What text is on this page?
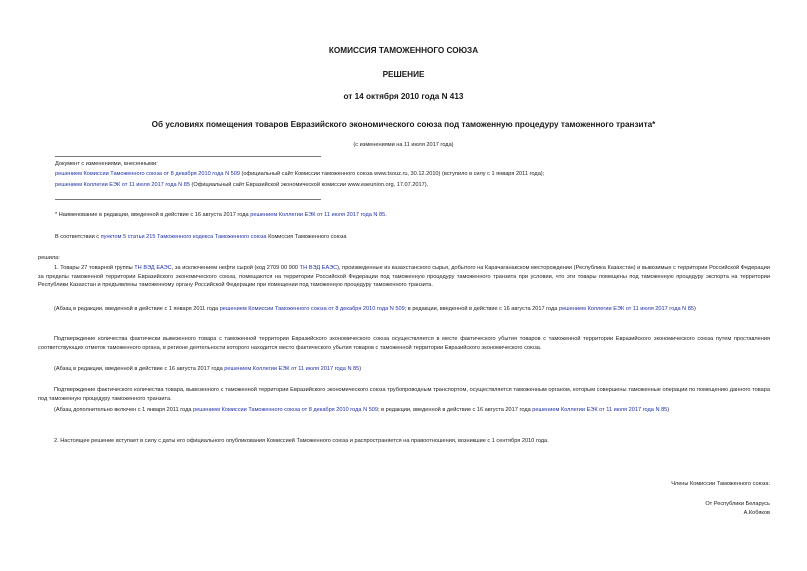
КОМИССИЯ ТАМОЖЕННОГО СОЮЗА
РЕШЕНИЕ
от 14 октября 2010 года N 413
Об условиях помещения товаров Евразийского экономического союза под таможенную процедуру таможенного транзита*
(с изменениями на 11 июля 2017 года)
Документ с изменениями, внесенными:
решением Комиссии Таможенного союза от 8 декабря 2010 года N 509 (официальный сайт Комиссии таможенного союза www.tsouz.ru, 30.12.2010) (вступило в силу с 1 января 2011 года);
решением Коллегии ЕЭК от 11 июля 2017 года N 85 (Официальный сайт Евразийской экономической комиссии www.eaeunion.org, 17.07.2017).
* Наименование в редакции, введенной в действие с 16 августа 2017 года решением Коллегии ЕЭК от 11 июля 2017 года N 85.
В соответствии с пунктом 5 статьи 215 Таможенного кодекса Таможенного союза Комиссия Таможенного союза
решила:
1. Товары 27 товарной группы ТН ВЭД ЕАЭС, за исключением нефти сырой (код 2709 00 900 ТН ВЭД ЕАЭС), произведенные из казахстанского сырья, добытого на Карачаганакском месторождении (Республика Казахстан) и вывозимые с территории Российской Федерации за пределы таможенной территории Евразийского экономического союза, помещаются на территории Российской Федерации под таможенную процедуру таможенного транзита при условии, что эти товары помещены под таможенную процедуру экспорта на территории Республики Казахстан и предъявлены таможенному органу Российской Федерации при помещении под таможенную процедуру таможенного транзита.
(Абзац в редакции, введенной в действие с 1 января 2011 года решением Комиссии Таможенного союза от 8 декабря 2010 года N 509; в редакции, введенной в действие с 16 августа 2017 года решением Коллегии ЕЭК от 11 июля 2017 года N 85)
Подтверждение количества фактически вывезенного товара с таможенной территории Евразийского экономического союза осуществляется в месте фактического убытия товаров с таможенной территории Евразийского экономического союза путем проставления соответствующих отметок таможенного органа, в регионе деятельности которого находится место фактического убытия товаров с таможенной территории Евразийского экономического союза.
(Абзац в редакции, введенной в действие с 16 августа 2017 года решением Коллегии ЕЭК от 11 июля 2017 года N 85)
Подтверждение фактического количества товара, вывезенного с таможенной территории Евразийского экономического союза трубопроводным транспортом, осуществляется таможенным органом, которым совершены таможенные операции по помещению данного товара под таможенную процедуру таможенного транзита.
(Абзац дополнительно включен с 1 января 2011 года решением Комиссии Таможенного союза от 8 декабря 2010 года N 509; в редакции, введенной в действие с 16 августа 2017 года решением Коллегии ЕЭК от 11 июля 2017 года N 85)
2. Настоящее решение вступает в силу с даты его официального опубликования Комиссией Таможенного союза и распространяется на правоотношения, возникшие с 1 сентября 2010 года.
Члены Комиссии Таможенного союза:
От Республики Беларусь
А.Кобяков
